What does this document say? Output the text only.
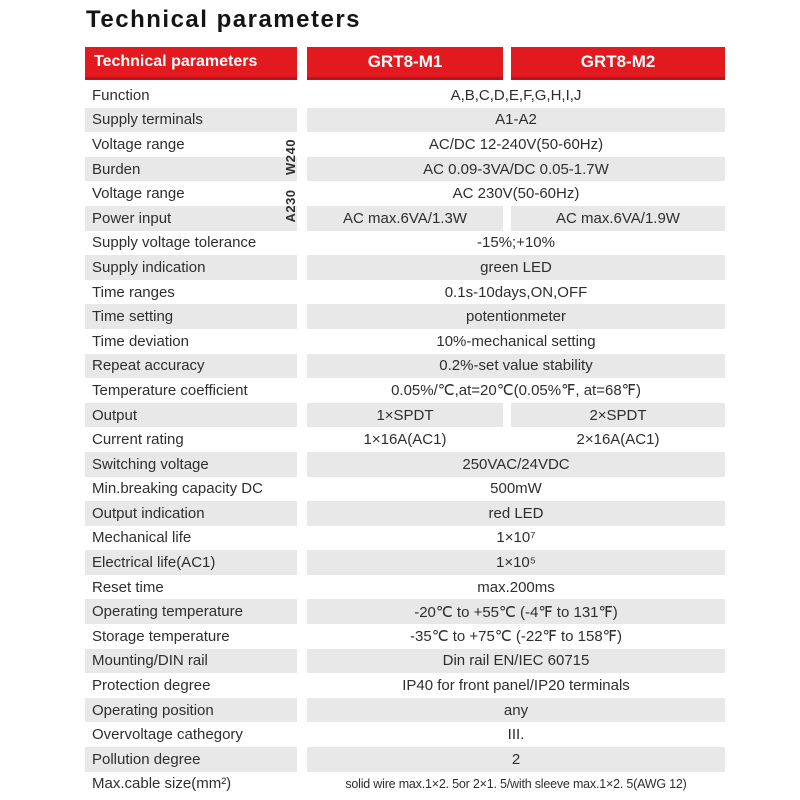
Technical parameters
Technical parameters	GRT8-M1	GRT8-M2
Function	A,B,C,D,E,F,G,H,I,J
Supply terminals	A1-A2
Voltage range	AC/DC 12-240V(50-60Hz)
Burden	AC 0.09-3VA/DC 0.05-1.7W
Voltage range	AC 230V(50-60Hz)
Power input	AC max.6VA/1.3W	AC max.6VA/1.9W
Supply voltage tolerance	-15%;+10%
Supply indication	green LED
Time ranges	0.1s-10days,ON,OFF
Time setting	potentionmeter
Time deviation	10%-mechanical setting
Repeat accuracy	0.2%-set value stability
Temperature coefficient	0.05%/℃,at=20℃(0.05%℉, at=68℉)
Output	1×SPDT	2×SPDT
Current rating	1×16A(AC1)	2×16A(AC1)
Switching voltage	250VAC/24VDC
Min.breaking capacity DC	500mW
Output indication	red LED
Mechanical life	1×10⁷
Electrical life(AC1)	1×10⁵
Reset time	max.200ms
Operating temperature	-20℃ to +55℃ (-4℉ to 131℉)
Storage temperature	-35℃ to +75℃ (-22℉ to 158℉)
Mounting/DIN rail	Din rail EN/IEC 60715
Protection degree	IP40 for front panel/IP20 terminals
Operating position	any
Overvoltage cathegory	III.
Pollution degree	2
Max.cable size(mm²)	solid wire max.1×2. 5or 2×1. 5/with sleeve max.1×2. 5(AWG 12)
W240
A230
